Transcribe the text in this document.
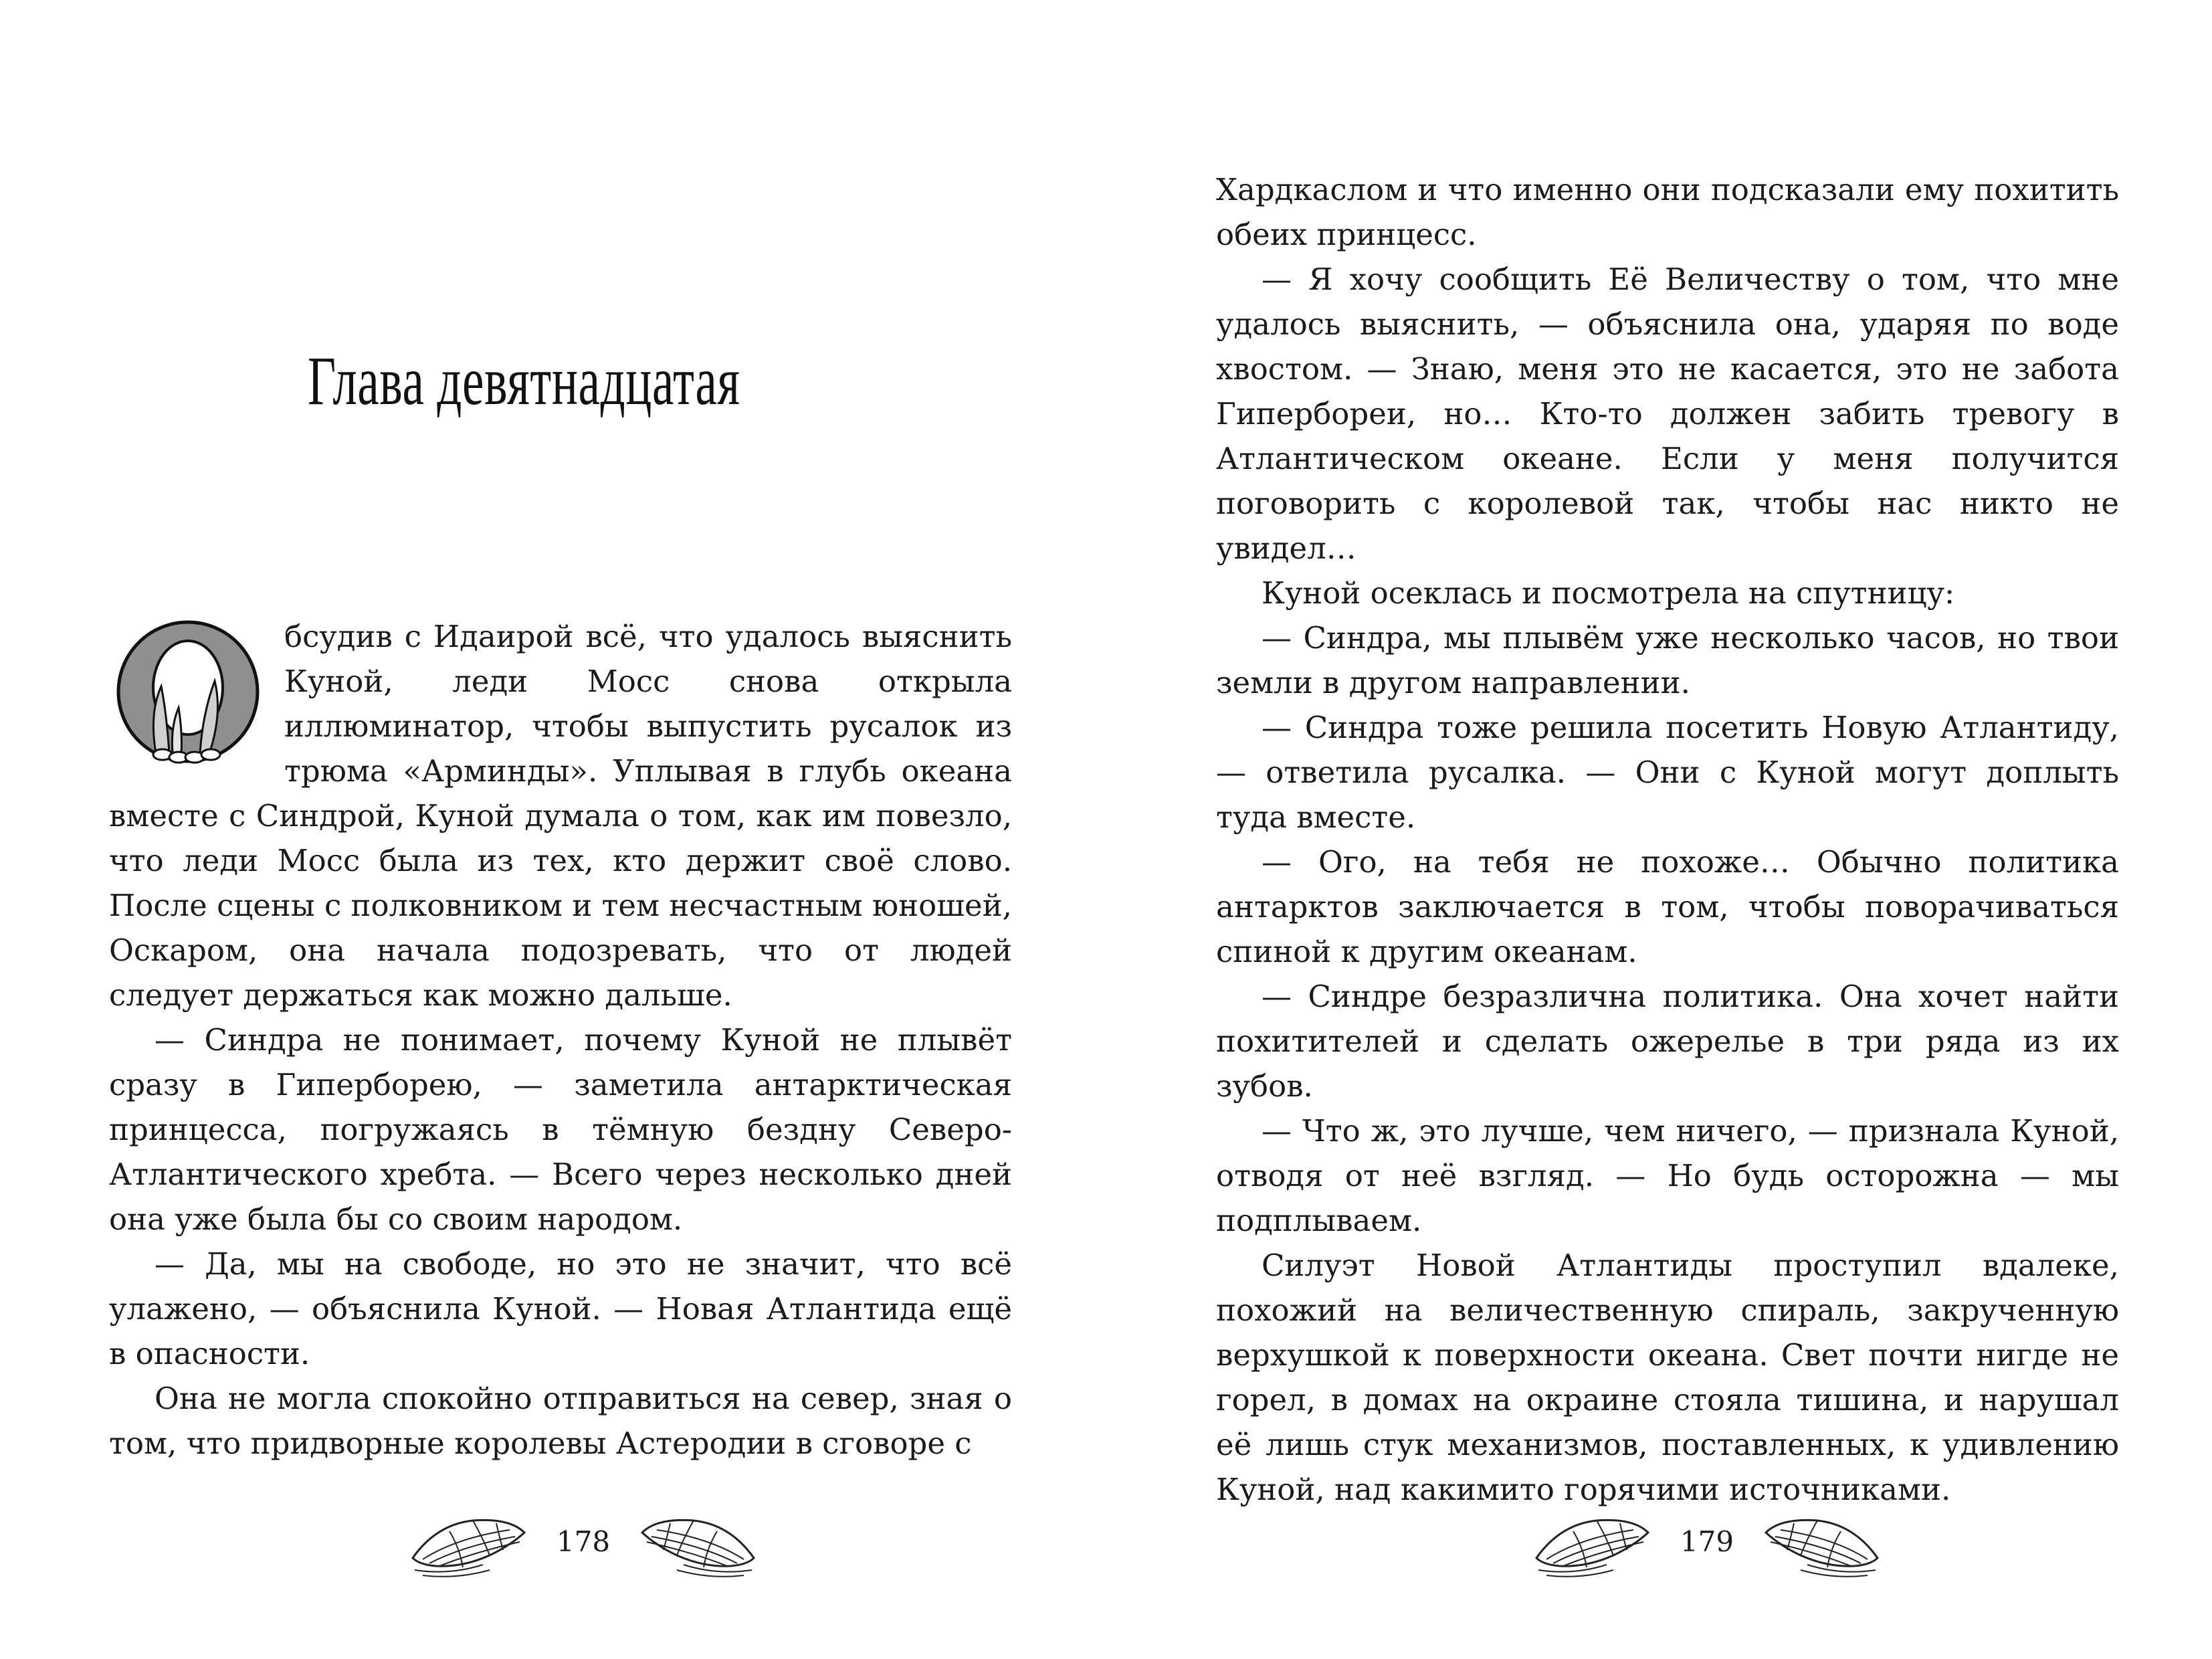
Глава девятнадцатая

бсудив с Идаирой всё, что удалось выяснить Куной, леди Мосс снова открыла иллюминатор, чтобы выпустить русалок из трюма «Арминды». Уплывая в глубь океана вместе с Синдрой, Куной думала о том, как им повезло, что леди Мосс была из тех, кто держит своё слово. После сцены с полковником и тем несчастным юношей, Оскаром, она начала подозревать, что от людей следует держаться как можно дальше.

— Синдра не понимает, почему Куной не плывёт сразу в Гиперборею, — заметила антарктическая принцесса, погружаясь в тёмную бездну Северо-Атлантического хребта. — Всего через несколько дней она уже была бы со своим народом.

— Да, мы на свободе, но это не значит, что всё улажено, — объяснила Куной. — Новая Атлантида ещё в опасности.

Она не могла спокойно отправиться на север, зная о том, что придворные королевы Астеродии в сговоре с

178

Хардкаслом и что именно они подсказали ему похитить обеих принцесс.

— Я хочу сообщить Её Величеству о том, что мне удалось выяснить, — объяснила она, ударяя по воде хвостом. — Знаю, меня это не касается, это не забота Гипербореи, но… Кто-то должен забить тревогу в Атлантическом океане. Если у меня получится поговорить с королевой так, чтобы нас никто не увидел…

Куной осеклась и посмотрела на спутницу:

— Синдра, мы плывём уже несколько часов, но твои земли в другом направлении.

— Синдра тоже решила посетить Новую Атлантиду, — ответила русалка. — Они с Куной могут доплыть туда вместе.

— Ого, на тебя не похоже… Обычно политика антарктов заключается в том, чтобы поворачиваться спиной к другим океанам.

— Синдре безразлична политика. Она хочет найти похитителей и сделать ожерелье в три ряда из их зубов.

— Что ж, это лучше, чем ничего, — признала Куной, отводя от неё взгляд. — Но будь осторожна — мы подплываем.

Силуэт Новой Атлантиды проступил вдалеке, похожий на величественную спираль, закрученную верхушкой к поверхности океана. Свет почти нигде не горел, в домах на окраине стояла тишина, и нарушал её лишь стук механизмов, поставленных, к удивлению Куной, над какимито горячими источниками.

179
